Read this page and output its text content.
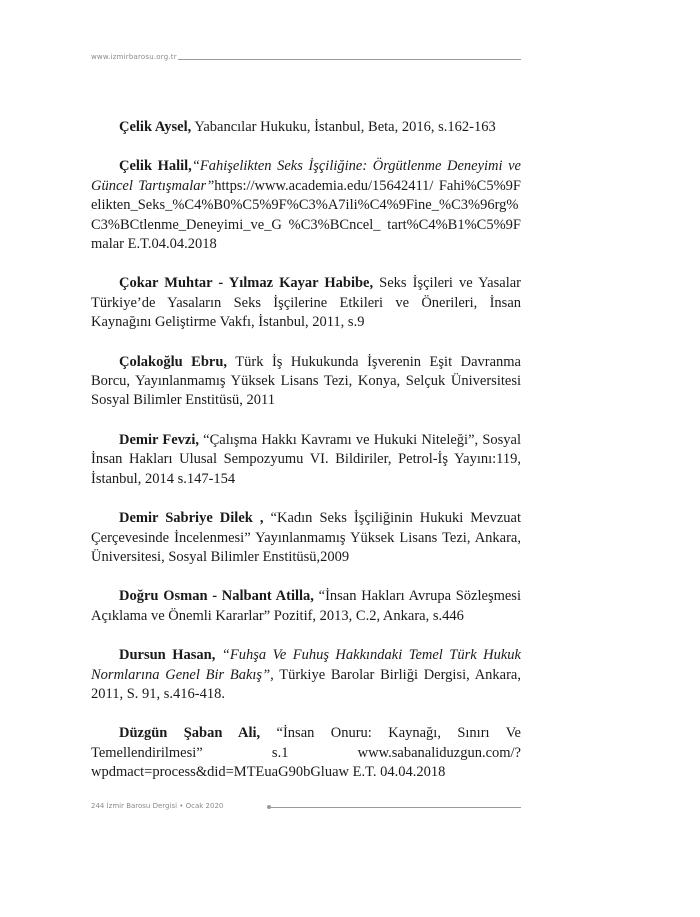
www.izmirbarosu.org.tr

Çelik Aysel, Yabancılar Hukuku, İstanbul, Beta, 2016, s.162-163

Çelik Halil,“Fahişelikten Seks İşçiliğine: Örgütlenme Deneyimi ve Güncel Tartışmalar”https://www.academia.edu/15642411/ Fahi%C5%9Felikten_Seks_%C4%B0%C5%9F%C3%A7ili%C4%9Fine_%C3%96rg%C3%BCtlenme_Deneyimi_ve_G %C3%BCncel_ tart%C4%B1%C5%9Fmalar E.T.04.04.2018

Çokar Muhtar - Yılmaz Kayar Habibe, Seks İşçileri ve Yasalar Türkiye’de Yasaların Seks İşçilerine Etkileri ve Önerileri, İnsan Kaynağını Geliştirme Vakfı, İstanbul, 2011, s.9

Çolakoğlu Ebru, Türk İş Hukukunda İşverenin Eşit Davranma Borcu, Yayınlanmamış Yüksek Lisans Tezi, Konya, Selçuk Üniversitesi Sosyal Bilimler Enstitüsü, 2011

Demir Fevzi, “Çalışma Hakkı Kavramı ve Hukuki Niteleği”, Sosyal İnsan Hakları Ulusal Sempozyumu VI. Bildiriler, Petrol-İş Yayını:119, İstanbul, 2014 s.147-154

Demir Sabriye Dilek , “Kadın Seks İşçiliğinin Hukuki Mevzuat Çerçevesinde İncelenmesi” Yayınlanmamış Yüksek Lisans Tezi, Ankara, Üniversitesi, Sosyal Bilimler Enstitüsü,2009

Doğru Osman - Nalbant Atilla, “İnsan Hakları Avrupa Sözleşmesi Açıklama ve Önemli Kararlar” Pozitif, 2013, C.2, Ankara, s.446

Dursun Hasan, “Fuhşa Ve Fuhuş Hakkındaki Temel Türk Hukuk Normlarına Genel Bir Bakış”, Türkiye Barolar Birliği Dergisi, Ankara, 2011, S. 91, s.416-418.

Düzgün Şaban Ali, “İnsan Onuru: Kaynağı, Sınırı Ve Temellendirilmesi” s.1 www.sabanaliduzgun.com/?wpdmact=process&did=MTEuaG90bGluaw E.T. 04.04.2018

244 İzmir Barosu Dergisi • Ocak 2020
